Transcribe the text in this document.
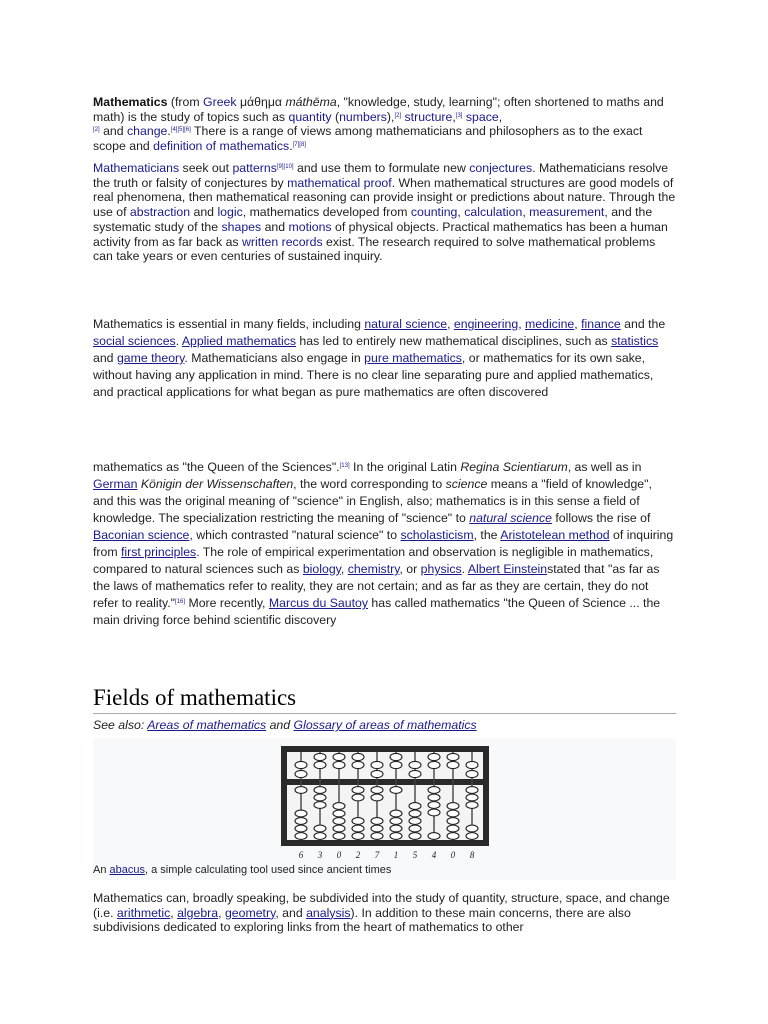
Mathematics (from Greek μάθημα máthēma, "knowledge, study, learning"; often shortened to maths and math) is the study of topics such as quantity (numbers),[2] structure,[3] space,
[2] and change.[4][5][6] There is a range of views among mathematicians and philosophers as to the exact scope and definition of mathematics.[7][8]
Mathematicians seek out patterns[9][10] and use them to formulate new conjectures. Mathematicians resolve the truth or falsity of conjectures by mathematical proof. When mathematical structures are good models of real phenomena, then mathematical reasoning can provide insight or predictions about nature. Through the use of abstraction and logic, mathematics developed from counting, calculation, measurement, and the systematic study of the shapes and motions of physical objects. Practical mathematics has been a human activity from as far back as written records exist. The research required to solve mathematical problems can take years or even centuries of sustained inquiry.
Mathematics is essential in many fields, including natural science, engineering, medicine, finance and the social sciences. Applied mathematics has led to entirely new mathematical disciplines, such as statistics and game theory. Mathematicians also engage in pure mathematics, or mathematics for its own sake, without having any application in mind. There is no clear line separating pure and applied mathematics, and practical applications for what began as pure mathematics are often discovered
mathematics as "the Queen of the Sciences".[13] In the original Latin Regina Scientiarum, as well as in German Königin der Wissenschaften, the word corresponding to science means a "field of knowledge", and this was the original meaning of "science" in English, also; mathematics is in this sense a field of knowledge. The specialization restricting the meaning of "science" to natural science follows the rise of Baconian science, which contrasted "natural science" to scholasticism, the Aristotelean method of inquiring from first principles. The role of empirical experimentation and observation is negligible in mathematics, compared to natural sciences such as biology, chemistry, or physics. Albert Einsteinstated that "as far as the laws of mathematics refer to reality, they are not certain; and as far as they are certain, they do not refer to reality."[16] More recently, Marcus du Sautoy has called mathematics "the Queen of Science ... the main driving force behind scientific discovery
Fields of mathematics
See also: Areas of mathematics and Glossary of areas of mathematics
6 3 0 2 7 1 5 4 0 8
An abacus, a simple calculating tool used since ancient times
Mathematics can, broadly speaking, be subdivided into the study of quantity, structure, space, and change (i.e. arithmetic, algebra, geometry, and analysis). In addition to these main concerns, there are also subdivisions dedicated to exploring links from the heart of mathematics to other
